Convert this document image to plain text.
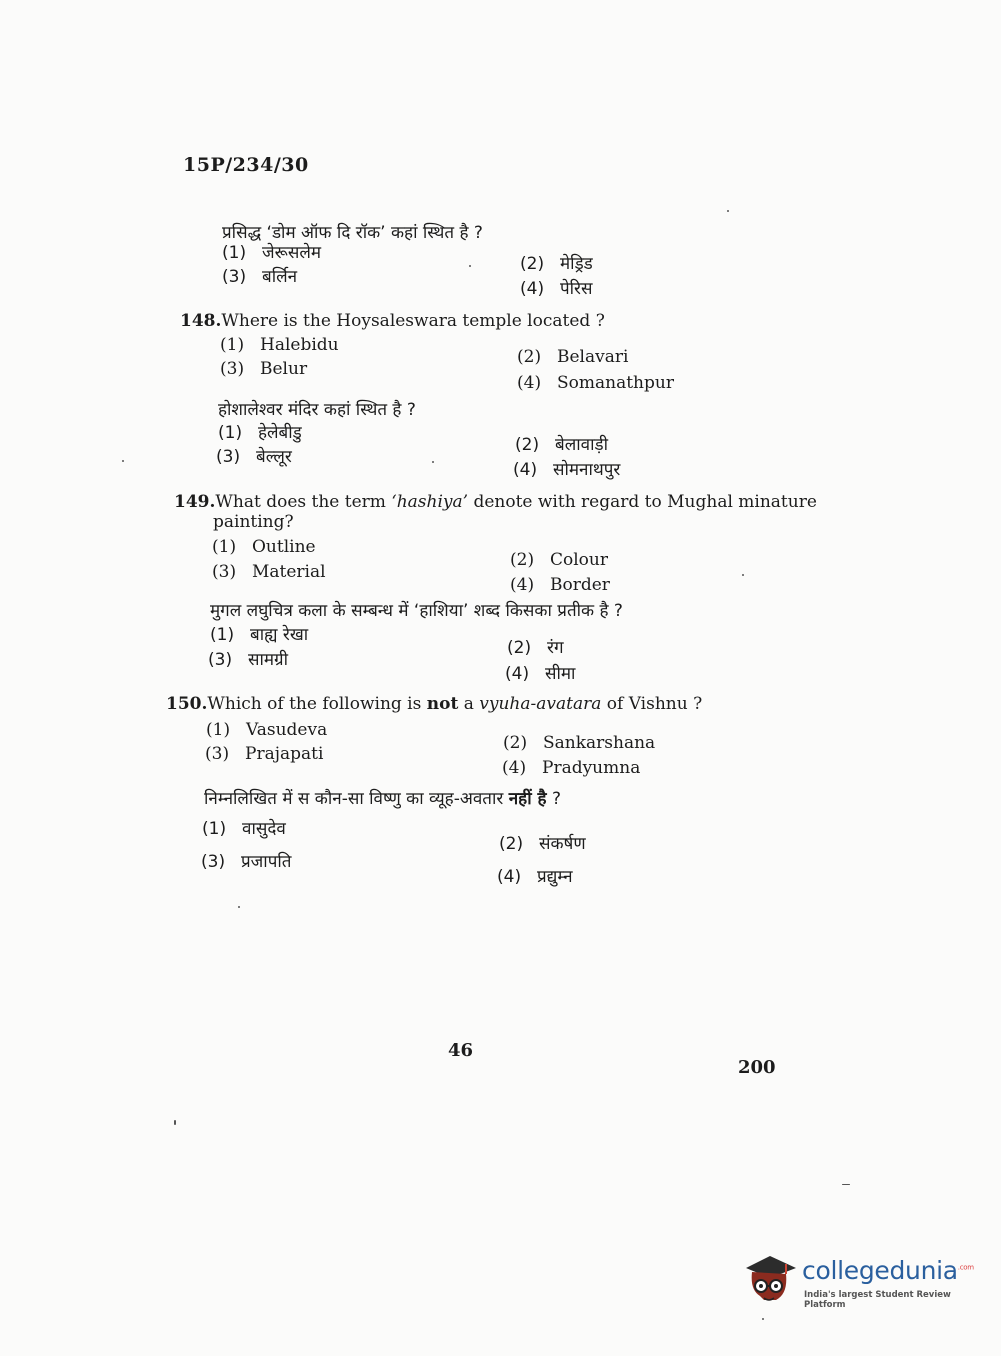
15P/234/30
प्रसिद्ध ‘डोम ऑफ दि रॉक’ कहां स्थित है ?
(1) जेरूसलेम
(2) मेड्रिड
(3) बर्लिन
(4) पेरिस
148.Where is the Hoysaleswara temple located ?
(1) Halebidu
(2) Belavari
(3) Belur
(4) Somanathpur
होशालेश्वर मंदिर कहां स्थित है ?
(1) हेलेबीडु
(2) बेलावाड़ी
(3) बेल्लूर
(4) सोमनाथपुर
149.What does the term ‘hashiya’ denote with regard to Mughal minature
painting?
(1) Outline
(2) Colour
(3) Material
(4) Border
मुगल लघुचित्र कला के सम्बन्ध में ‘हाशिया’ शब्द किसका प्रतीक है ?
(1) बाह्य रेखा
(2) रंग
(3) सामग्री
(4) सीमा
150.Which of the following is not a vyuha-avatara of Vishnu ?
(1) Vasudeva
(2) Sankarshana
(3) Prajapati
(4) Pradyumna
निम्नलिखित में स कौन-सा विष्णु का व्यूह-अवतार नहीं है ?
(1) वासुदेव
(2) संकर्षण
(3) प्रजापति
(4) प्रद्युम्न
46
200
collegedunia$^{.com}$
India's largest Student Review Platform
